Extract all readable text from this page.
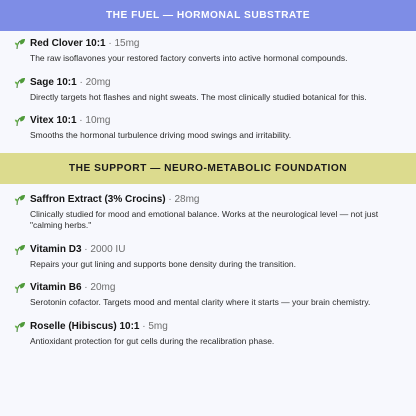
THE FUEL — HORMONAL SUBSTRATE
Red Clover 10:1 · 15mg
The raw isoflavones your restored factory converts into active hormonal compounds.
Sage 10:1 · 20mg
Directly targets hot flashes and night sweats. The most clinically studied botanical for this.
Vitex 10:1 · 10mg
Smooths the hormonal turbulence driving mood swings and irritability.
THE SUPPORT — NEURO-METABOLIC FOUNDATION
Saffron Extract (3% Crocins) · 28mg
Clinically studied for mood and emotional balance. Works at the neurological level — not just "calming herbs."
Vitamin D3 · 2000 IU
Repairs your gut lining and supports bone density during the transition.
Vitamin B6 · 20mg
Serotonin cofactor. Targets mood and mental clarity where it starts — your brain chemistry.
Roselle (Hibiscus) 10:1 · 5mg
Antioxidant protection for gut cells during the recalibration phase.
